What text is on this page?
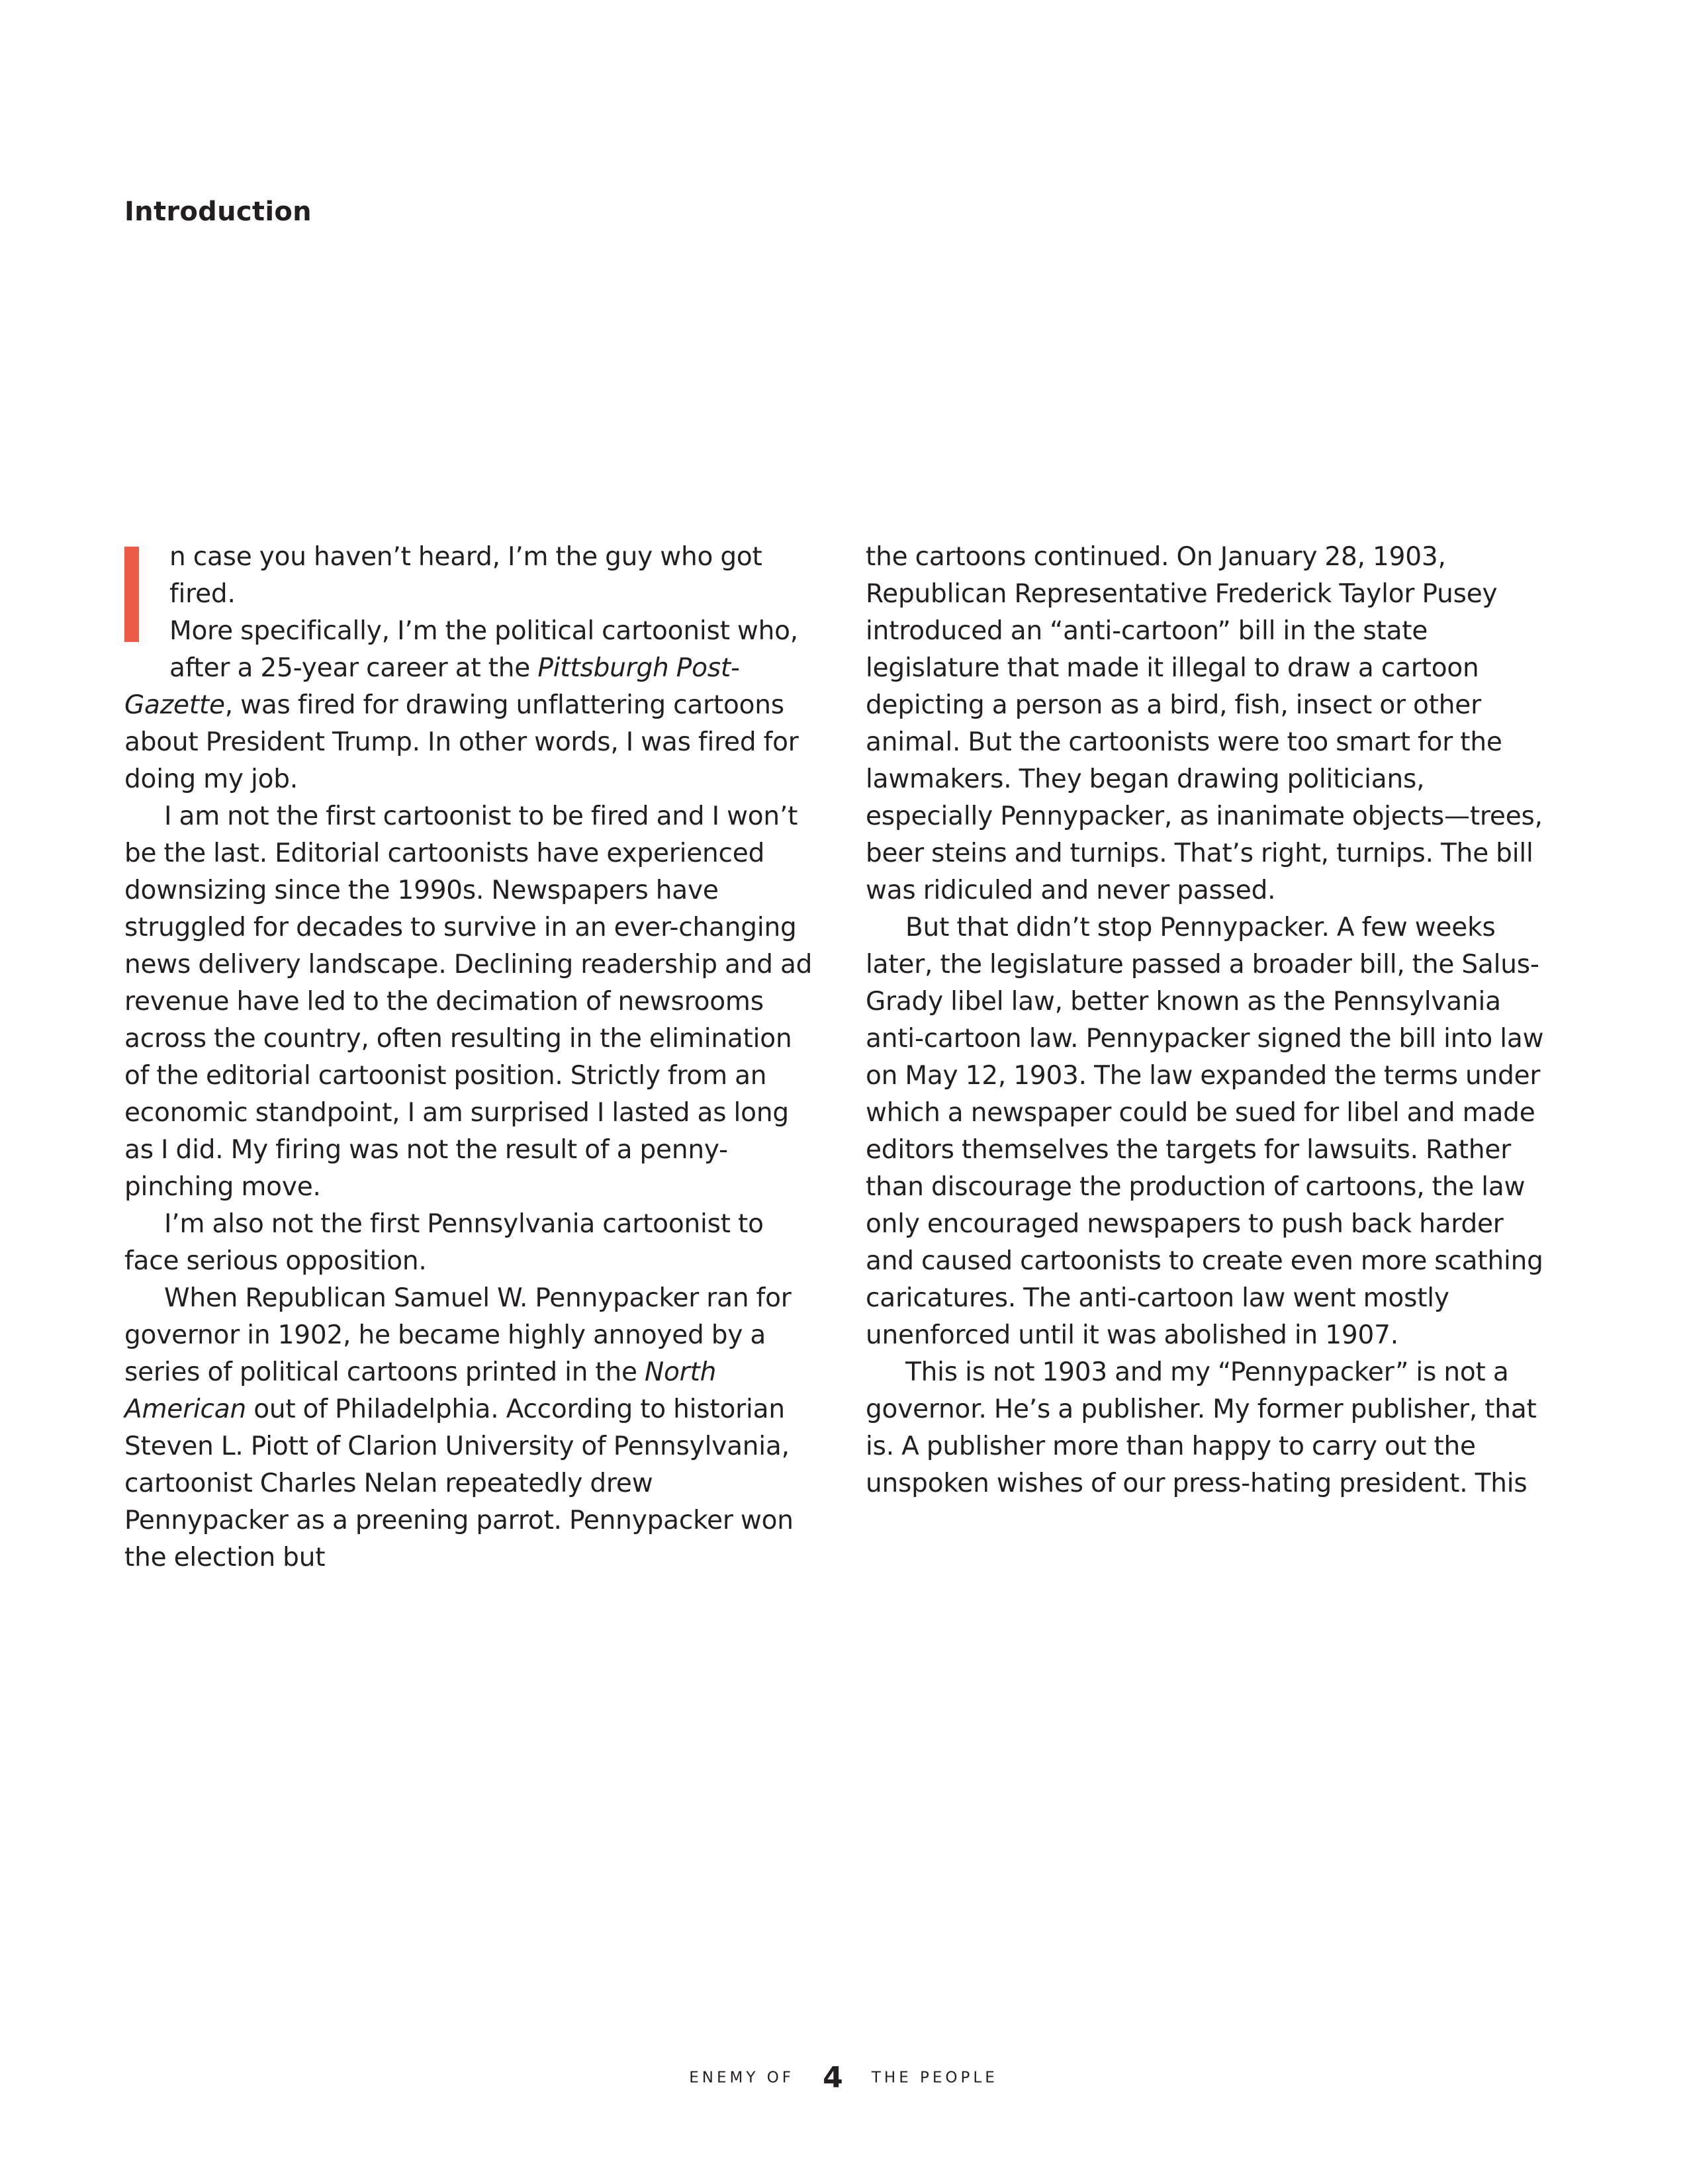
Introduction

n case you haven’t heard, I’m the guy who got fired.
More specifically, I’m the political cartoonist who,
after a 25-year career at the Pittsburgh Post-
Gazette, was fired for drawing unflattering cartoons about President Trump. In other words, I was fired for doing my job.

I am not the first cartoonist to be fired and I won’t be the last. Editorial cartoonists have experienced downsizing since the 1990s. Newspapers have struggled for decades to survive in an ever-changing news delivery landscape. Declining readership and ad revenue have led to the decimation of newsrooms across the country, often resulting in the elimination of the editorial cartoonist position. Strictly from an economic standpoint, I am surprised I lasted as long as I did. My firing was not the result of a penny-pinching move.

I’m also not the first Pennsylvania cartoonist to face serious opposition.

When Republican Samuel W. Pennypacker ran for governor in 1902, he became highly annoyed by a series of political cartoons printed in the North American out of Philadelphia. According to historian Steven L. Piott of Clarion University of Pennsylvania, cartoonist Charles Nelan repeatedly drew Pennypacker as a preening parrot. Pennypacker won the election but

the cartoons continued. On January 28, 1903, Republican Representative Frederick Taylor Pusey introduced an “anti-cartoon” bill in the state legislature that made it illegal to draw a cartoon depicting a person as a bird, fish, insect or other animal. But the cartoonists were too smart for the lawmakers. They began drawing politicians, especially Pennypacker, as inanimate objects—trees, beer steins and turnips. That’s right, turnips. The bill was ridiculed and never passed.

But that didn’t stop Pennypacker. A few weeks later, the legislature passed a broader bill, the Salus-Grady libel law, better known as the Pennsylvania anti-cartoon law. Pennypacker signed the bill into law on May 12, 1903. The law expanded the terms under which a newspaper could be sued for libel and made editors themselves the targets for lawsuits. Rather than discourage the production of cartoons, the law only encouraged newspapers to push back harder and caused cartoonists to create even more scathing caricatures. The anti-cartoon law went mostly unenforced until it was abolished in 1907.

This is not 1903 and my “Pennypacker” is not a governor. He’s a publisher. My former publisher, that is. A publisher more than happy to carry out the unspoken wishes of our press-hating president. This

ENEMY OF 4 THE PEOPLE
